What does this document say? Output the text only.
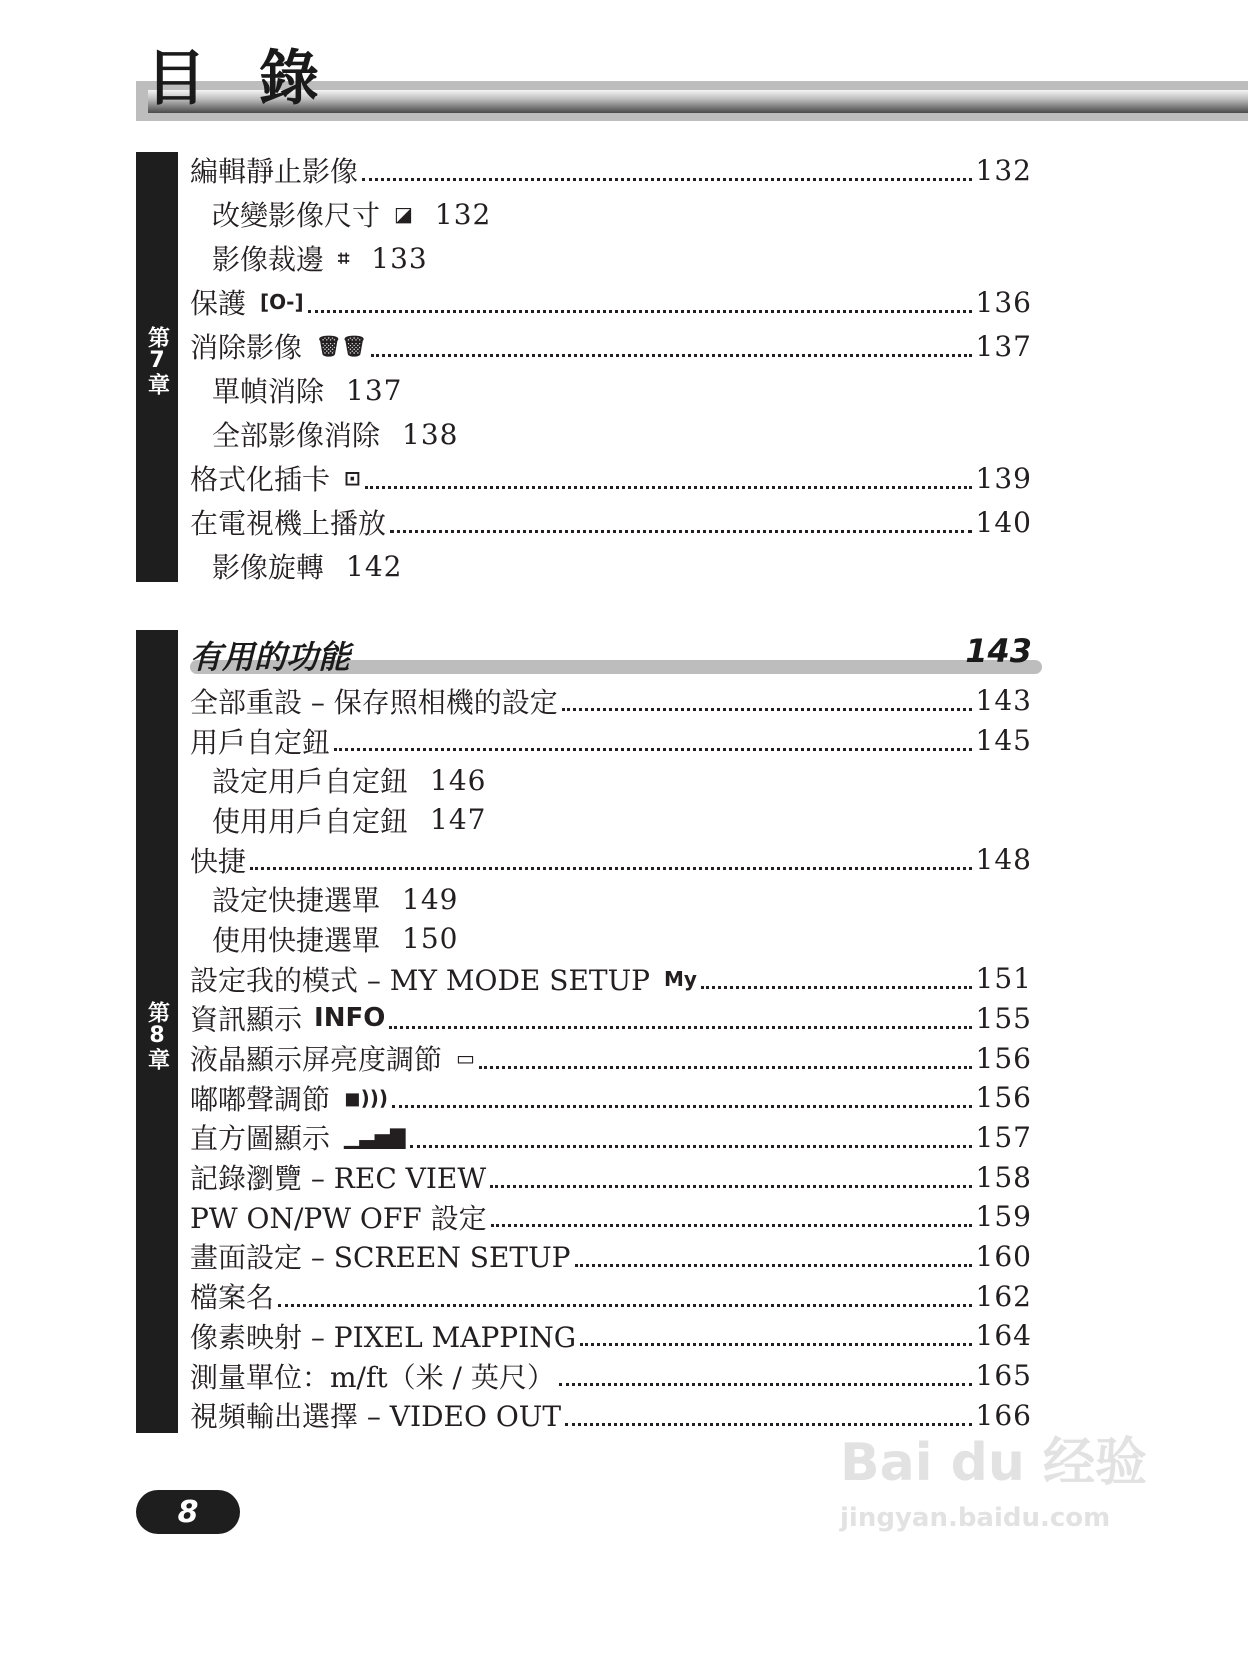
目 錄
第7章
編輯靜止影像	132
改變影像尺寸 ◪ 132
影像裁邊 ⌗ 133
保護 [O‑]	136
消除影像 🗑🗑	137
單幀消除 137
全部影像消除 138
格式化插卡 ⊡	139
在電視機上播放	140
影像旋轉 142
第8章
有用的功能	143
全部重設 – 保存照相機的設定	143
用戶自定鈕	145
設定用戶自定鈕 146
使用用戶自定鈕 147
快捷	148
設定快捷選單 149
使用快捷選單 150
設定我的模式 – MY MODE SETUP My	151
資訊顯示 INFO	155
液晶顯示屏亮度調節 ▭	156
嘟嘟聲調節 ◼)))	156
直方圖顯示 ▁▃▅▇	157
記錄瀏覽 – REC VIEW	158
PW ON/PW OFF 設定	159
畫面設定 – SCREEN SETUP	160
檔案名	162
像素映射 – PIXEL MAPPING	164
測量單位：m/ft（米 / 英尺）	165
視頻輸出選擇 – VIDEO OUT	166
8
Bai du 经验
jingyan.baidu.com
